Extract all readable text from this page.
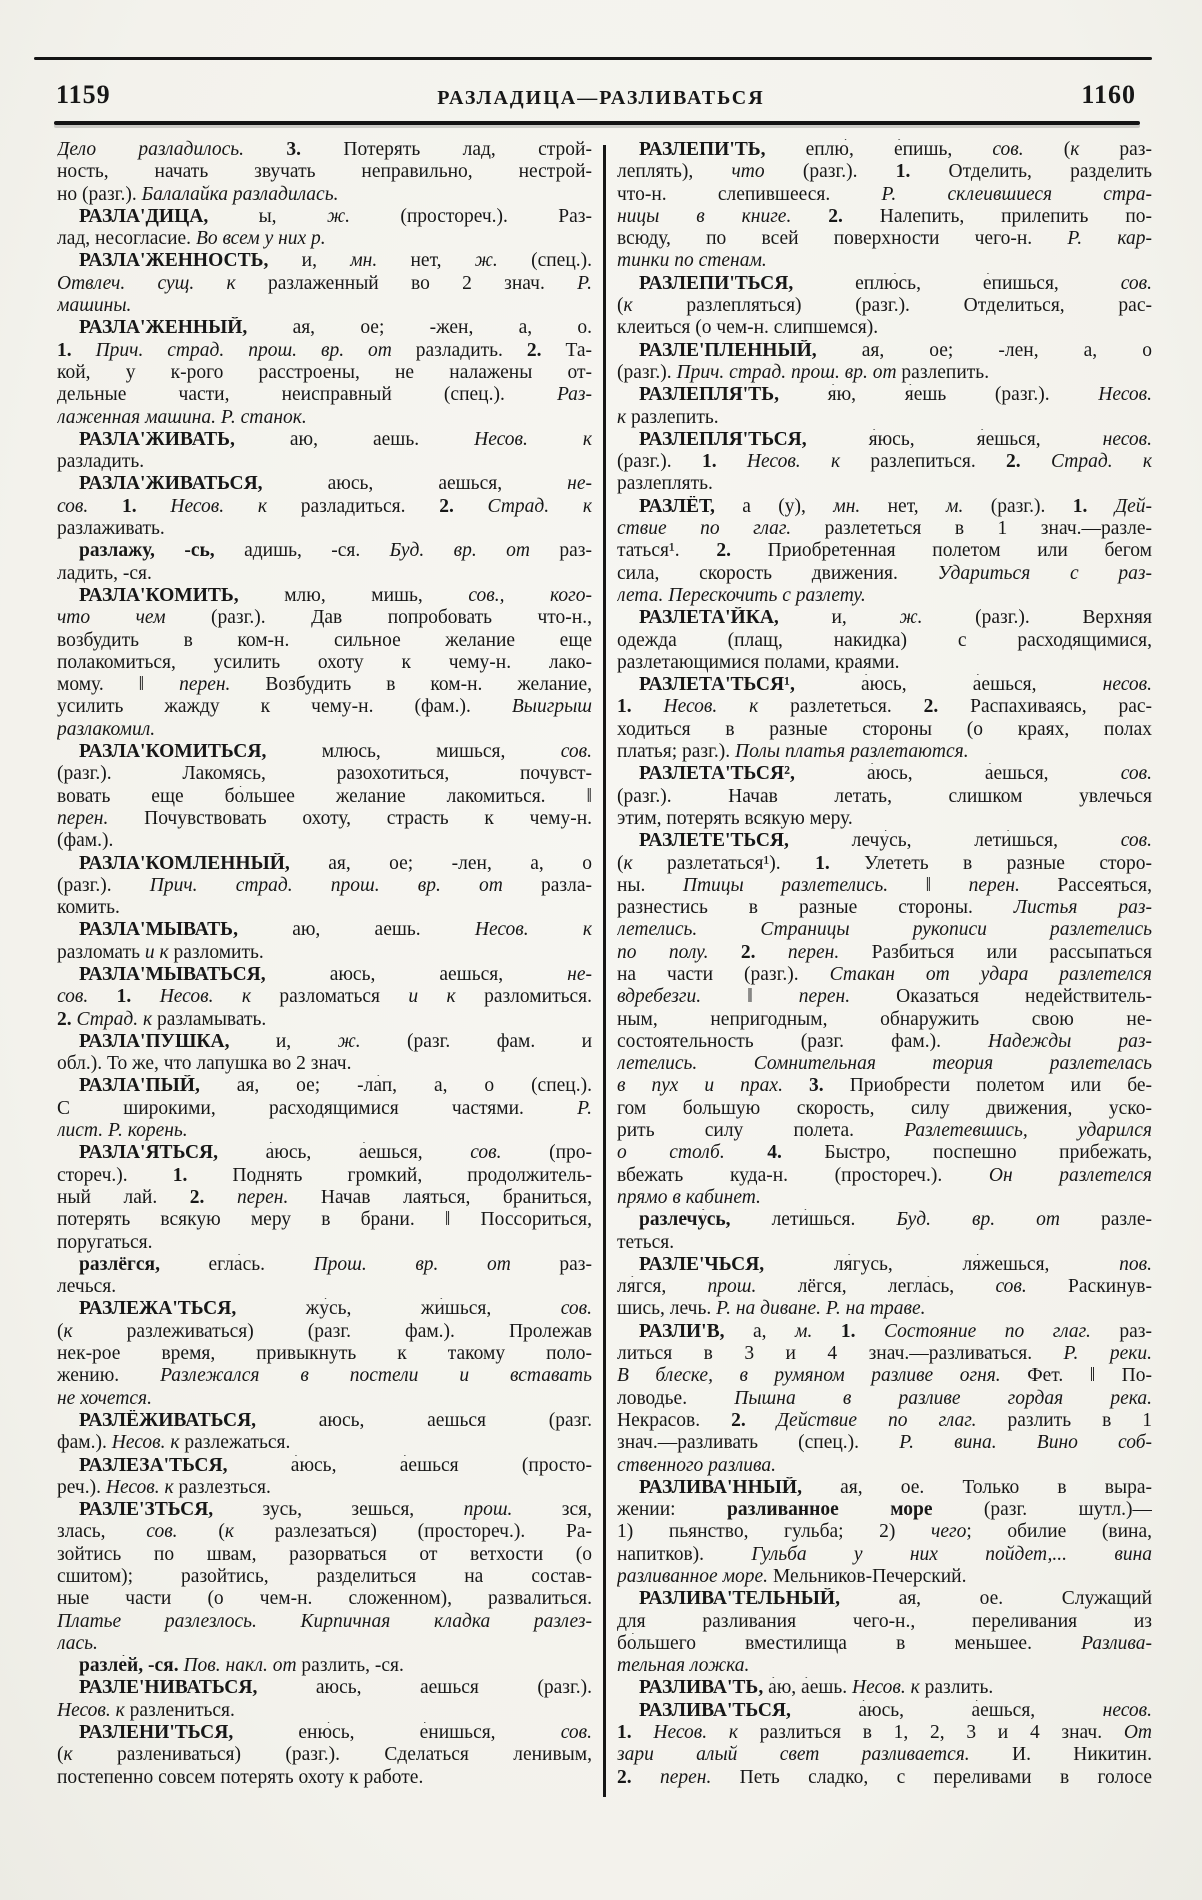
1159	РАЗЛАДИЦА—РАЗЛИВАТЬСЯ	1160
Дело разладилось. 3. Потерять лад, строй-
ность, начать звучать неправильно, нестрой-
но (разг.). Балалайка разладилась.
РАЗЛА'ДИЦА, ы, ж. (простореч.). Раз-
лад, несогласие. Во всем у них р.
РАЗЛА'ЖЕННОСТЬ, и, мн. нет, ж. (спец.).
Отвлеч. сущ. к разлаженный во 2 знач. Р.
машины.
РАЗЛА'ЖЕННЫЙ, ая, ое; -жен, а, о.
1. Прич. страд. прош. вр. от разладить. 2. Та-
кой, у к-рого расстроены, не налажены от-
дельные части, неисправный (спец.). Раз-
лаженная машина. Р. станок.
РАЗЛА'ЖИВАТЬ, аю, аешь. Несов. к
разладить.
РАЗЛА'ЖИВАТЬСЯ, аюсь, аешься, не-
сов. 1. Несов. к разладиться. 2. Страд. к
разлаживать.
разлажу, -сь, адишь, -ся. Буд. вр. от раз-
ладить, -ся.
РАЗЛА'КОМИТЬ, млю, мишь, сов., кого-
что чем (разг.). Дав попробовать что-н.,
возбудить в ком-н. сильное желание еще
полакомиться, усилить охоту к чему-н. лако-
мому. ‖ перен. Возбудить в ком-н. желание,
усилить жажду к чему-н. (фам.). Выигрыш
разлакомил.
РАЗЛА'КОМИТЬСЯ, млюсь, мишься, сов.
(разг.). Лакомясь, разохотиться, почувст-
вовать еще бо́льшее желание лакомиться. ‖
перен. Почувствовать охоту, страсть к чему-н.
(фам.).
РАЗЛА'КОМЛЕННЫЙ, ая, ое; -лен, а, о
(разг.). Прич. страд. прош. вр. от разла-
комить.
РАЗЛА'МЫВАТЬ, аю, аешь. Несов. к
разломать и к разломить.
РАЗЛА'МЫВАТЬСЯ, аюсь, аешься, не-
сов. 1. Несов. к разломаться и к разломиться.
2. Страд. к разламывать.
РАЗЛА'ПУШКА, и, ж. (разг. фам. и
обл.). То же, что лапушка во 2 знач.
РАЗЛА'ПЫЙ, ая, ое; -ла́п, а, о (спец.).
С широкими, расходящимися частями. Р.
лист. Р. корень.
РАЗЛА'ЯТЬСЯ, а́юсь, а́ешься, сов. (про-
стореч.). 1. Поднять громкий, продолжитель-
ный лай. 2. перен. Начав лаяться, браниться,
потерять всякую меру в брани. ‖ Поссориться,
поругаться.
разлёгся, егла́сь. Прош. вр. от раз-
лечься.
РАЗЛЕЖА'ТЬСЯ, жу́сь, жи́шься, сов.
(к разлеживаться) (разг. фам.). Пролежав
нек-рое время, привыкнуть к такому поло-
жению. Разлежался в постели и вставать
не хочется.
РАЗЛЁЖИВАТЬСЯ, аюсь, аешься (разг.
фам.). Несов. к разлежаться.
РАЗЛЕЗА'ТЬСЯ, а́юсь, а́ешься (просто-
реч.). Несов. к разлезться.
РАЗЛЕ'ЗТЬСЯ, зусь, зешься, прош. зся,
злась, сов. (к разлезаться) (простореч.). Ра-
зойтись по швам, разорваться от ветхости (о
сшитом); разойтись, разделиться на состав-
ные части (о чем-н. сложенном), развалиться.
Платье разлезлось. Кирпичная кладка разлез-
лась.
разле́й, -ся. Пов. накл. от разлить, -ся.
РАЗЛЕ'НИВАТЬСЯ, аюсь, аешься (разг.).
Несов. к разлениться.
РАЗЛЕНИ'ТЬСЯ, еню́сь, е́нишься, сов.
(к разлениваться) (разг.). Сделаться ленивым,
постепенно совсем потерять охоту к работе.
РАЗЛЕПИ'ТЬ, еплю́, е́пишь, сов. (к раз-
леплять), что (разг.). 1. Отделить, разделить
что-н. слепившееся. Р. склеившиеся стра-
ницы в книге. 2. Налепить, прилепить по-
всюду, по всей поверхности чего-н. Р. кар-
тинки по стенам.
РАЗЛЕПИ'ТЬСЯ, еплю́сь, е́пишься, сов.
(к разлепляться) (разг.). Отделиться, рас-
клеиться (о чем-н. слипшемся).
РАЗЛЕ'ПЛЕННЫЙ, ая, ое; -лен, а, о
(разг.). Прич. страд. прош. вр. от разлепить.
РАЗЛЕПЛЯ'ТЬ, я́ю, я́ешь (разг.). Несов.
к разлепить.
РАЗЛЕПЛЯ'ТЬСЯ, я́юсь, я́ешься, несов.
(разг.). 1. Несов. к разлепиться. 2. Страд. к
разлеплять.
РАЗЛЁТ, а (у), мн. нет, м. (разг.). 1. Дей-
ствие по глаг. разлететься в 1 знач.—разле-
таться¹. 2. Приобретенная полетом или бегом
сила, скорость движения. Удариться с раз-
лета. Перескочить с разлету.
РАЗЛЕТА'ЙКА, и, ж. (разг.). Верхняя
одежда (плащ, накидка) с расходящимися,
разлетающимися полами, краями.
РАЗЛЕТА'ТЬСЯ¹, а́юсь, а́ешься, несов.
1. Несов. к разлететься. 2. Распахиваясь, рас-
ходиться в разные стороны (о краях, полах
платья; разг.). Полы платья разлетаются.
РАЗЛЕТА'ТЬСЯ², а́юсь, а́ешься, сов.
(разг.). Начав летать, слишком увлечься
этим, потерять всякую меру.
РАЗЛЕТЕ'ТЬСЯ, лечу́сь, лети́шься, сов.
(к разлетаться¹). 1. Улететь в разные сторо-
ны. Птицы разлетелись. ‖ перен. Рассеяться,
разнестись в разные стороны. Листья раз-
летелись. Страницы рукописи разлетелись
по полу. 2. перен. Разбиться или рассыпаться
на части (разг.). Стакан от удара разлетелся
вдребезги. ‖ перен. Оказаться недействитель-
ным, непригодным, обнаружить свою не-
состоятельность (разг. фам.). Надежды раз-
летелись. Сомнительная теория разлетелась
в пух и прах. 3. Приобрести полетом или бе-
гом большую скорость, силу движения, уско-
рить силу полета. Разлетевшись, ударился
о столб. 4. Быстро, поспешно прибежать,
вбежать куда-н. (простореч.). Он разлетелся
прямо в кабинет.
разлечу́сь, лети́шься. Буд. вр. от разле-
теться.
РАЗЛЕ'ЧЬСЯ, ля́гусь, ля́жешься, пов.
ля́гся, прош. лёгся, легла́сь, сов. Раскинув-
шись, лечь. Р. на диване. Р. на траве.
РАЗЛИ'В, а, м. 1. Состояние по глаг. раз-
литься в 3 и 4 знач.—разливаться. Р. реки.
В блеске, в румяном разливе огня. Фет. ‖ По-
ловодье. Пышна в разливе гордая река.
Некрасов. 2. Действие по глаг. разлить в 1
знач.—разливать (спец.). Р. вина. Вино соб-
ственного разлива.
РАЗЛИВА'ННЫЙ, ая, ое. Только в выра-
жении: разливанное море (разг. шутл.)—
1) пьянство, гульба; 2) чего; обилие (вина,
напитков). Гульба у них пойдет,... вина
разливанное море. Мельников-Печерский.
РАЗЛИВА'ТЕЛЬНЫЙ, ая, ое. Служащий
для разливания чего-н., переливания из
бо́льшего вместилища в меньшее. Разлива-
тельная ложка.
РАЗЛИВА'ТЬ, а́ю, а́ешь. Несов. к разлить.
РАЗЛИВА'ТЬСЯ, а́юсь, а́ешься, несов.
1. Несов. к разлиться в 1, 2, 3 и 4 знач. От
зари алый свет разливается. И. Никитин.
2. перен. Петь сладко, с переливами в голосе
